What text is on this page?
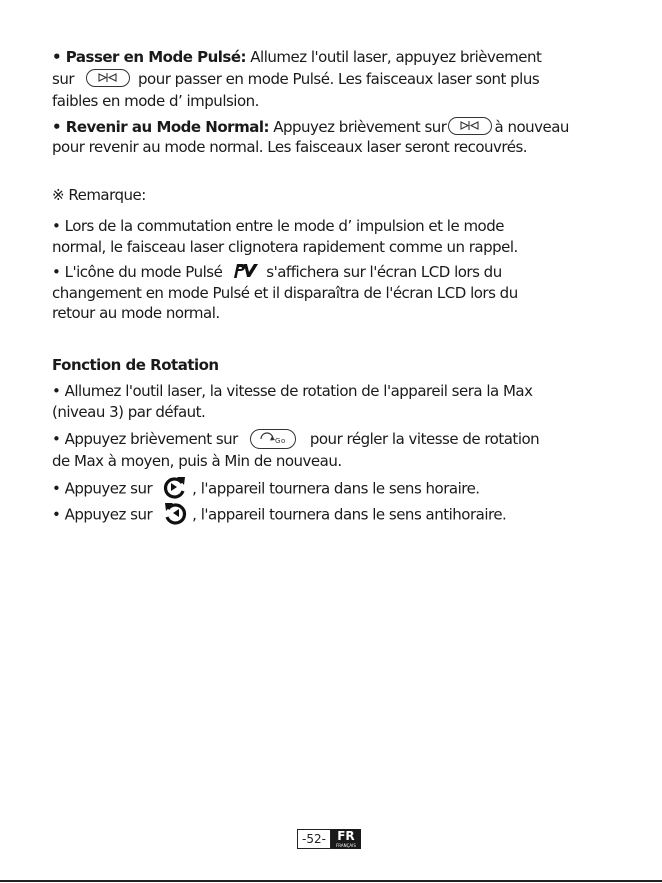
• Passer en Mode Pulsé: Allumez l'outil laser, appuyez brièvement
sur	pour passer en mode Pulsé. Les faisceaux laser sont plus
faibles en mode d’ impulsion.
• Revenir au Mode Normal: Appuyez brièvement sur	à nouveau
pour revenir au mode normal. Les faisceaux laser seront recouvrés.
※ Remarque:
• Lors de la commutation entre le mode d’ impulsion et le mode
normal, le faisceau laser clignotera rapidement comme un rappel.
• L'icône du mode Pulsé	s'affichera sur l'écran LCD lors du
changement en mode Pulsé et il disparaîtra de l'écran LCD lors du
retour au mode normal.
Fonction de Rotation
• Allumez l'outil laser, la vitesse de rotation de l'appareil sera la Max
(niveau 3) par défaut.
• Appuyez brièvement sur	G o pour régler la vitesse de rotation
de Max à moyen, puis à Min de nouveau.
• Appuyez sur	, l'appareil tournera dans le sens horaire.
• Appuyez sur	, l'appareil tournera dans le sens antihoraire.
-52- FR
FRANÇAIS
